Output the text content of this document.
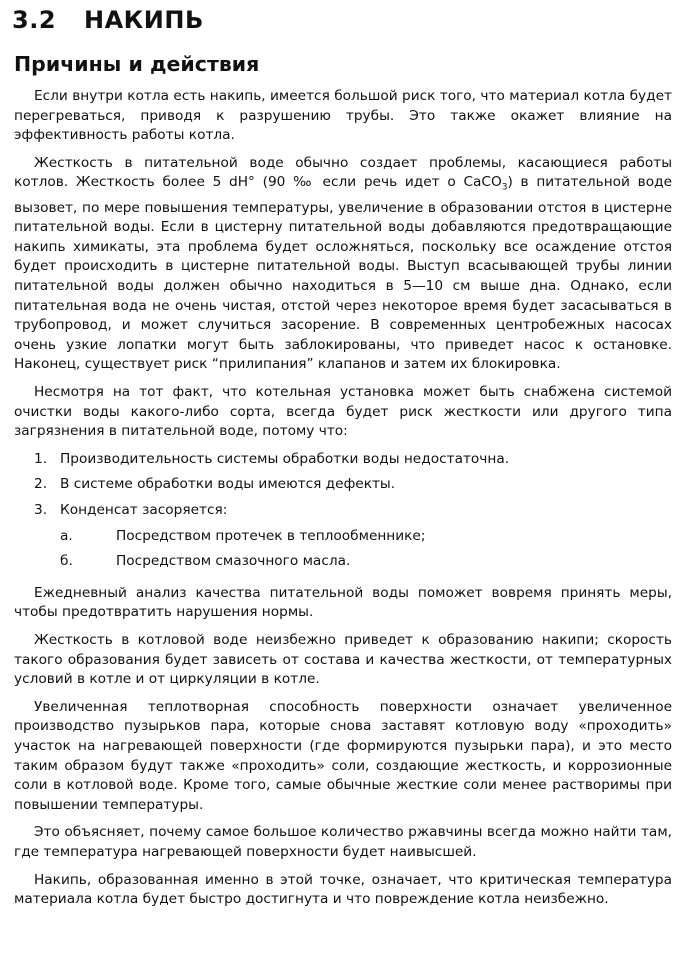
3.2 НАКИПЬ
Причины и действия

Если внутри котла есть накипь, имеется большой риск того, что материал котла будет перегреваться, приводя к разрушению трубы. Это также окажет влияние на эффективность работы котла.

Жесткость в питательной воде обычно создает проблемы, касающиеся работы котлов. Жесткость более 5 dH° (90 ‰ если речь идет о CaCO$_3$) в питательной воде вызовет, по мере повышения температуры, увеличение в образовании отстоя в цистерне питательной воды. Если в цистерну питательной воды добавляются предотвращающие накипь химикаты, эта проблема будет осложняться, поскольку все осаждение отстоя будет происходить в цистерне питательной воды. Выступ всасывающей трубы линии питательной воды должен обычно находиться в 5—10 см выше дна. Однако, если питательная вода не очень чистая, отстой через некоторое время будет засасываться в трубопровод, и может случиться засорение. В современных центробежных насосах очень узкие лопатки могут быть заблокированы, что приведет насос к остановке. Наконец, существует риск “прилипания” клапанов и затем их блокировка.

Несмотря на тот факт, что котельная установка может быть снабжена системой очистки воды какого-либо сорта, всегда будет риск жесткости или другого типа загрязнения в питательной воде, потому что:

1. Производительность системы обработки воды недостаточна.
2. В системе обработки воды имеются дефекты.
3. Конденсат засоряется:
а.	Посредством протечек в теплообменнике;
б.	Посредством смазочного масла.

Ежедневный анализ качества питательной воды поможет вовремя принять меры, чтобы предотвратить нарушения нормы.

Жесткость в котловой воде неизбежно приведет к образованию накипи; скорость такого образования будет зависеть от состава и качества жесткости, от температурных условий в котле и от циркуляции в котле.

Увеличенная теплотворная способность поверхности означает увеличенное производство пузырьков пара, которые снова заставят котловую воду «проходить» участок на нагревающей поверхности (где формируются пузырьки пара), и это место таким образом будут также «проходить» соли, создающие жесткость, и коррозионные соли в котловой воде. Кроме того, самые обычные жесткие соли менее растворимы при повышении температуры.

Это объясняет, почему самое большое количество ржавчины всегда можно найти там, где температура нагревающей поверхности будет наивысшей.

Накипь, образованная именно в этой точке, означает, что критическая температура материала котла будет быстро достигнута и что повреждение котла неизбежно.
